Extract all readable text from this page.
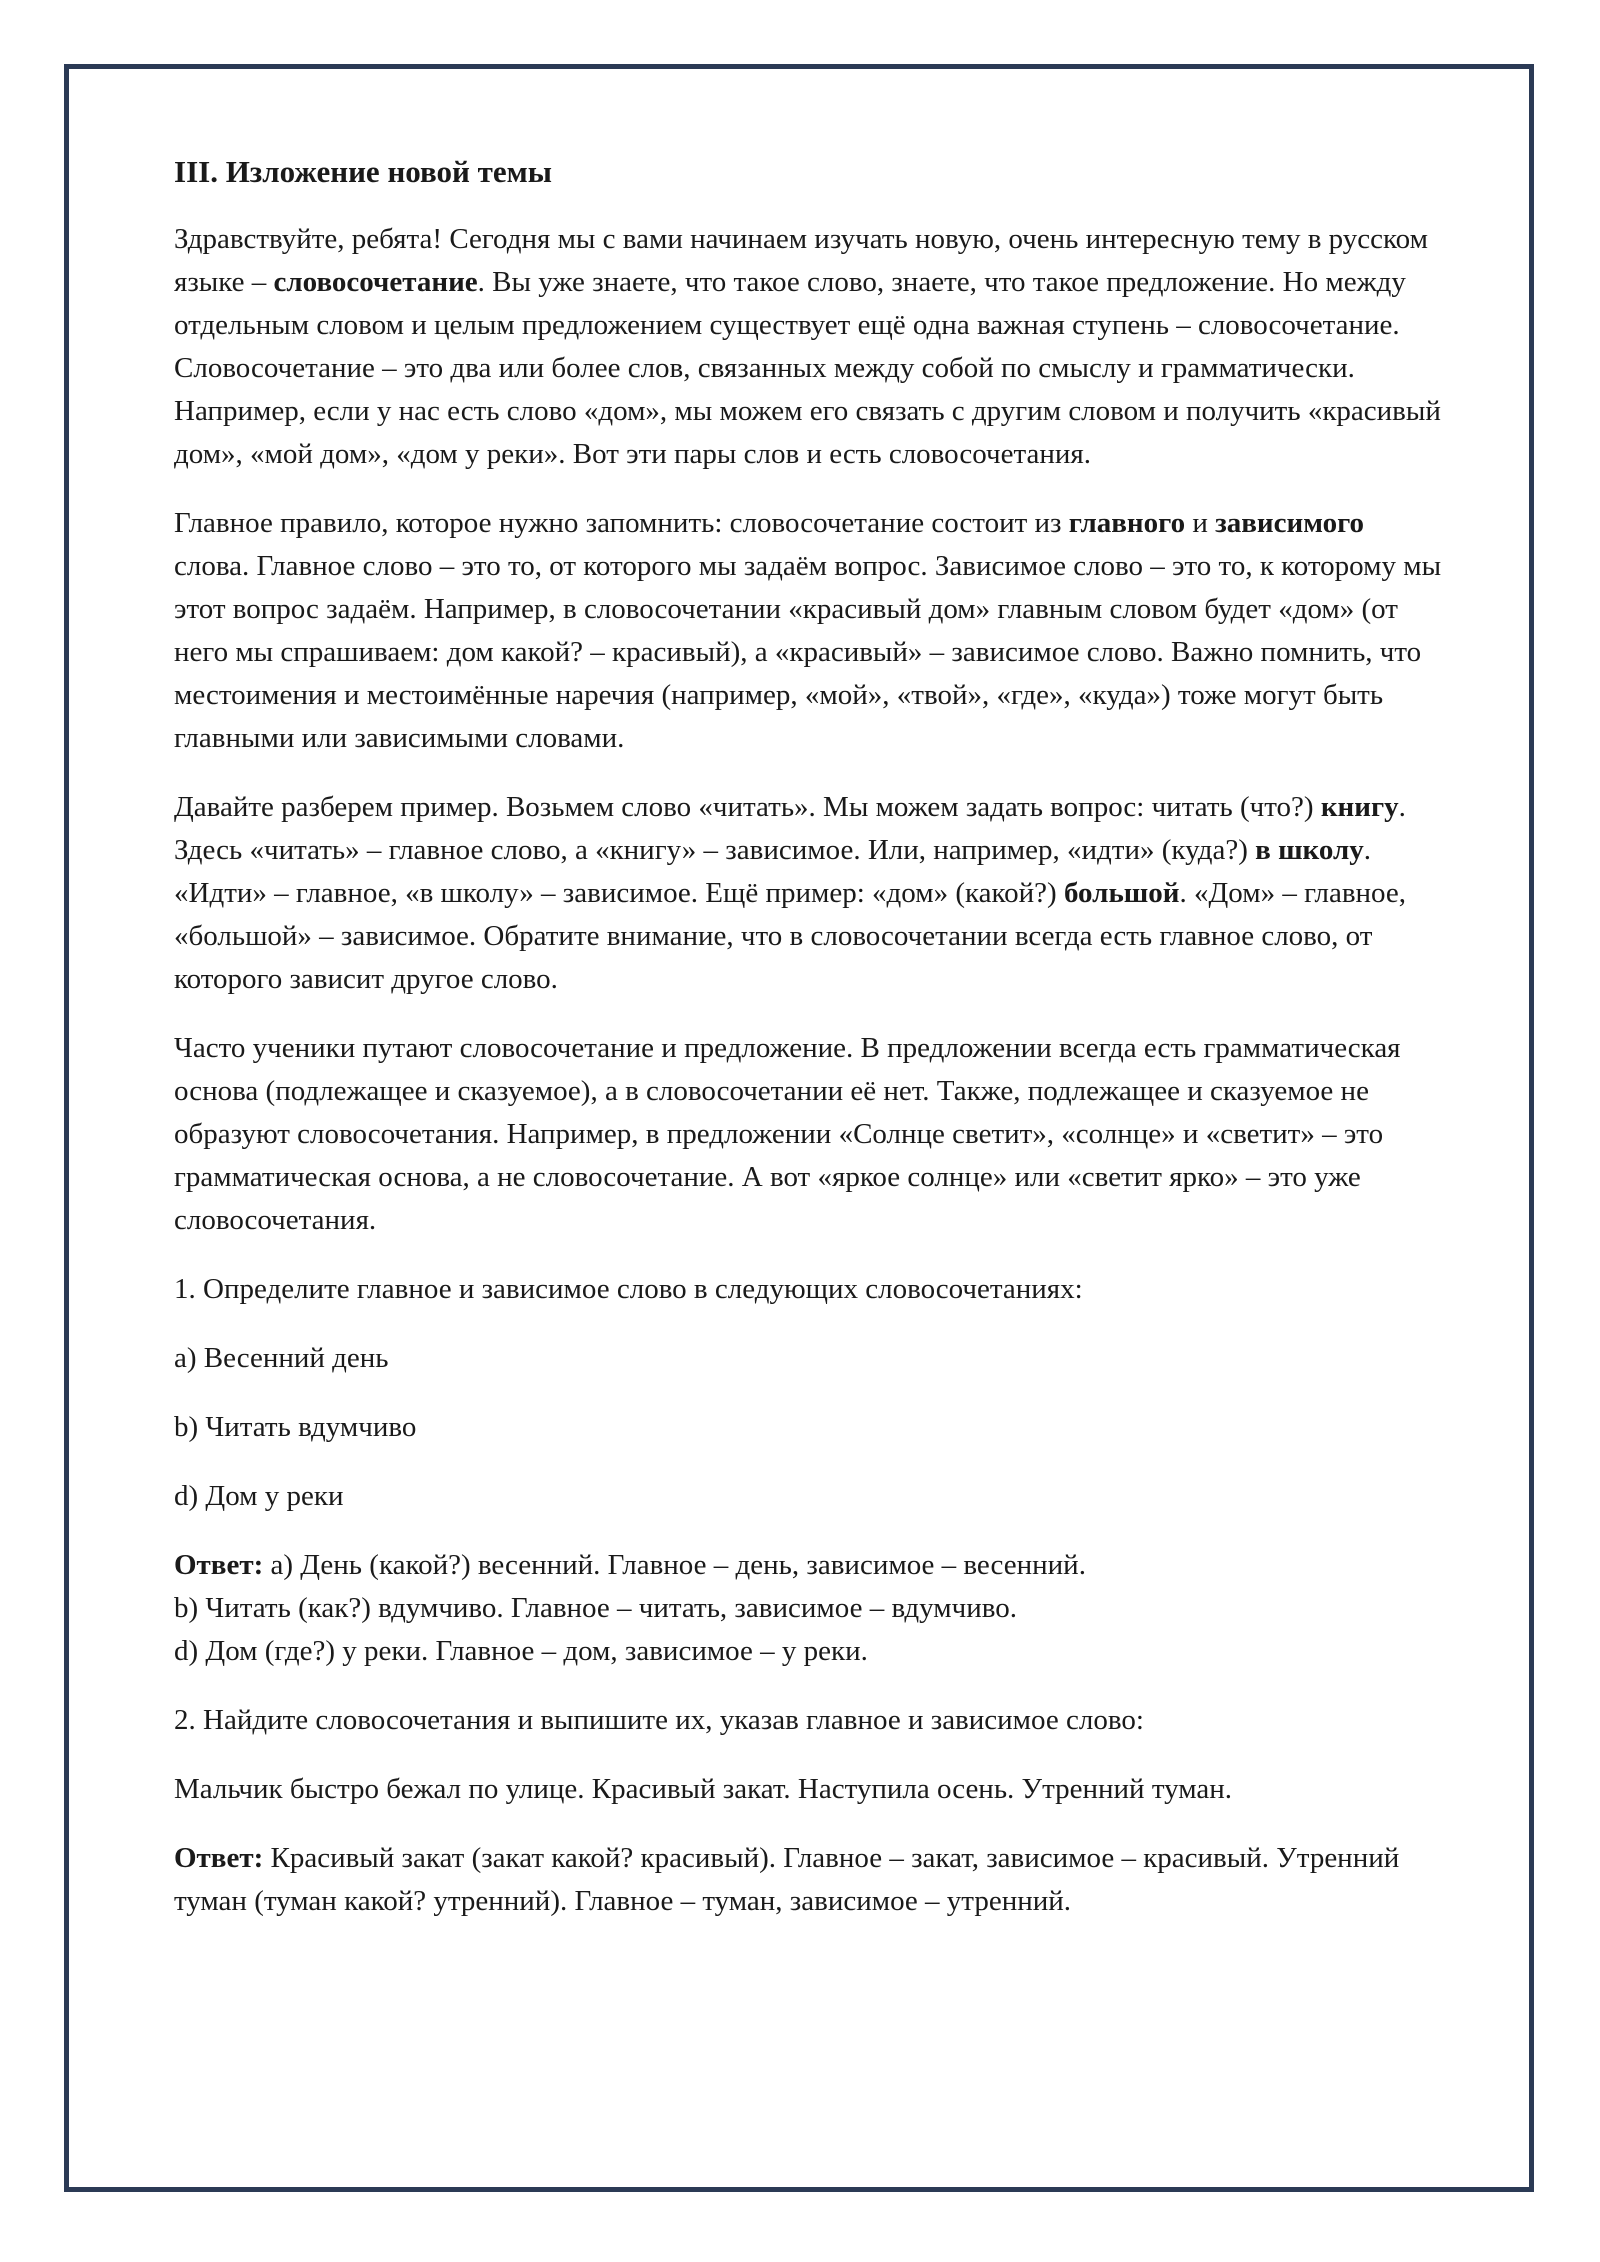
III. Изложение новой темы

Здравствуйте, ребята! Сегодня мы с вами начинаем изучать новую, очень интересную тему в русском языке – словосочетание. Вы уже знаете, что такое слово, знаете, что такое предложение. Но между отдельным словом и целым предложением существует ещё одна важная ступень – словосочетание. Словосочетание – это два или более слов, связанных между собой по смыслу и грамматически. Например, если у нас есть слово «дом», мы можем его связать с другим словом и получить «красивый дом», «мой дом», «дом у реки». Вот эти пары слов и есть словосочетания.

Главное правило, которое нужно запомнить: словосочетание состоит из главного и зависимого слова. Главное слово – это то, от которого мы задаём вопрос. Зависимое слово – это то, к которому мы этот вопрос задаём. Например, в словосочетании «красивый дом» главным словом будет «дом» (от него мы спрашиваем: дом какой? – красивый), а «красивый» – зависимое слово. Важно помнить, что местоимения и местоимённые наречия (например, «мой», «твой», «где», «куда») тоже могут быть главными или зависимыми словами.

Давайте разберем пример. Возьмем слово «читать». Мы можем задать вопрос: читать (что?) книгу. Здесь «читать» – главное слово, а «книгу» – зависимое. Или, например, «идти» (куда?) в школу. «Идти» – главное, «в школу» – зависимое. Ещё пример: «дом» (какой?) большой. «Дом» – главное, «большой» – зависимое. Обратите внимание, что в словосочетании всегда есть главное слово, от которого зависит другое слово.

Часто ученики путают словосочетание и предложение. В предложении всегда есть грамматическая основа (подлежащее и сказуемое), а в словосочетании её нет. Также, подлежащее и сказуемое не образуют словосочетания. Например, в предложении «Солнце светит», «солнце» и «светит» – это грамматическая основа, а не словосочетание. А вот «яркое солнце» или «светит ярко» – это уже словосочетания.

1. Определите главное и зависимое слово в следующих словосочетаниях:

a) Весенний день

b) Читать вдумчиво

d) Дом у реки

Ответ: а) День (какой?) весенний. Главное – день, зависимое – весенний.
b) Читать (как?) вдумчиво. Главное – читать, зависимое – вдумчиво.
d) Дом (где?) у реки. Главное – дом, зависимое – у реки.

2. Найдите словосочетания и выпишите их, указав главное и зависимое слово:

Мальчик быстро бежал по улице. Красивый закат. Наступила осень. Утренний туман.

Ответ: Красивый закат (закат какой? красивый). Главное – закат, зависимое – красивый. Утренний туман (туман какой? утренний). Главное – туман, зависимое – утренний.
